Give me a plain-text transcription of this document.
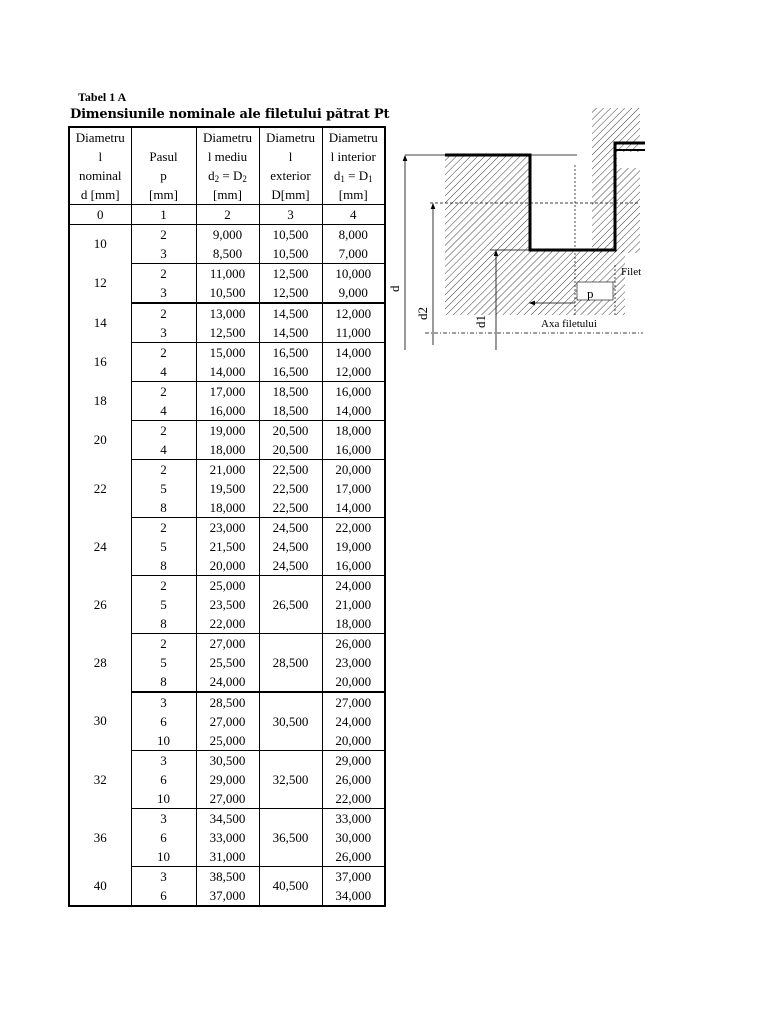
Tabel 1 A
Dimensiunile nominale ale filetului pătrat Pt
Diametru		Diametru	Diametru	Diametru
l	Pasul	l mediu	l	l interior
nominal	p	$d_2 = D_2$	exterior	$d_1 = D_1$
d [mm]	[mm]	[mm]	D[mm]	[mm]
0	1	2	3	4
10	2	9,000	10,500	8,000
	3	8,500	10,500	7,000
12	2	11,000	12,500	10,000
	3	10,500	12,500	9,000
14	2	13,000	14,500	12,000
	3	12,500	14,500	11,000
16	2	15,000	16,500	14,000
	4	14,000	16,500	12,000
18	2	17,000	18,500	16,000
	4	16,000	18,500	14,000
20	2	19,000	20,500	18,000
	4	18,000	20,500	16,000
22	2	21,000	22,500	20,000
	5	19,500	22,500	17,000
	8	18,000	22,500	14,000
24	2	23,000	24,500	22,000
	5	21,500	24,500	19,000
	8	20,000	24,500	16,000
26	2	25,000	26,500	24,000
	5	23,500		21,000
	8	22,000		18,000
28	2	27,000	28,500	26,000
	5	25,500		23,000
	8	24,000		20,000
30	3	28,500	30,500	27,000
	6	27,000		24,000
	10	25,000		20,000
32	3	30,500	32,500	29,000
	6	29,000		26,000
	10	27,000		22,000
36	3	34,500	36,500	33,000
	6	33,000		30,000
	10	31,000		26,000
40	3	38,500	40,500	37,000
	6	37,000		34,000
d
d2
d1
p
Axa filetului
Filet
